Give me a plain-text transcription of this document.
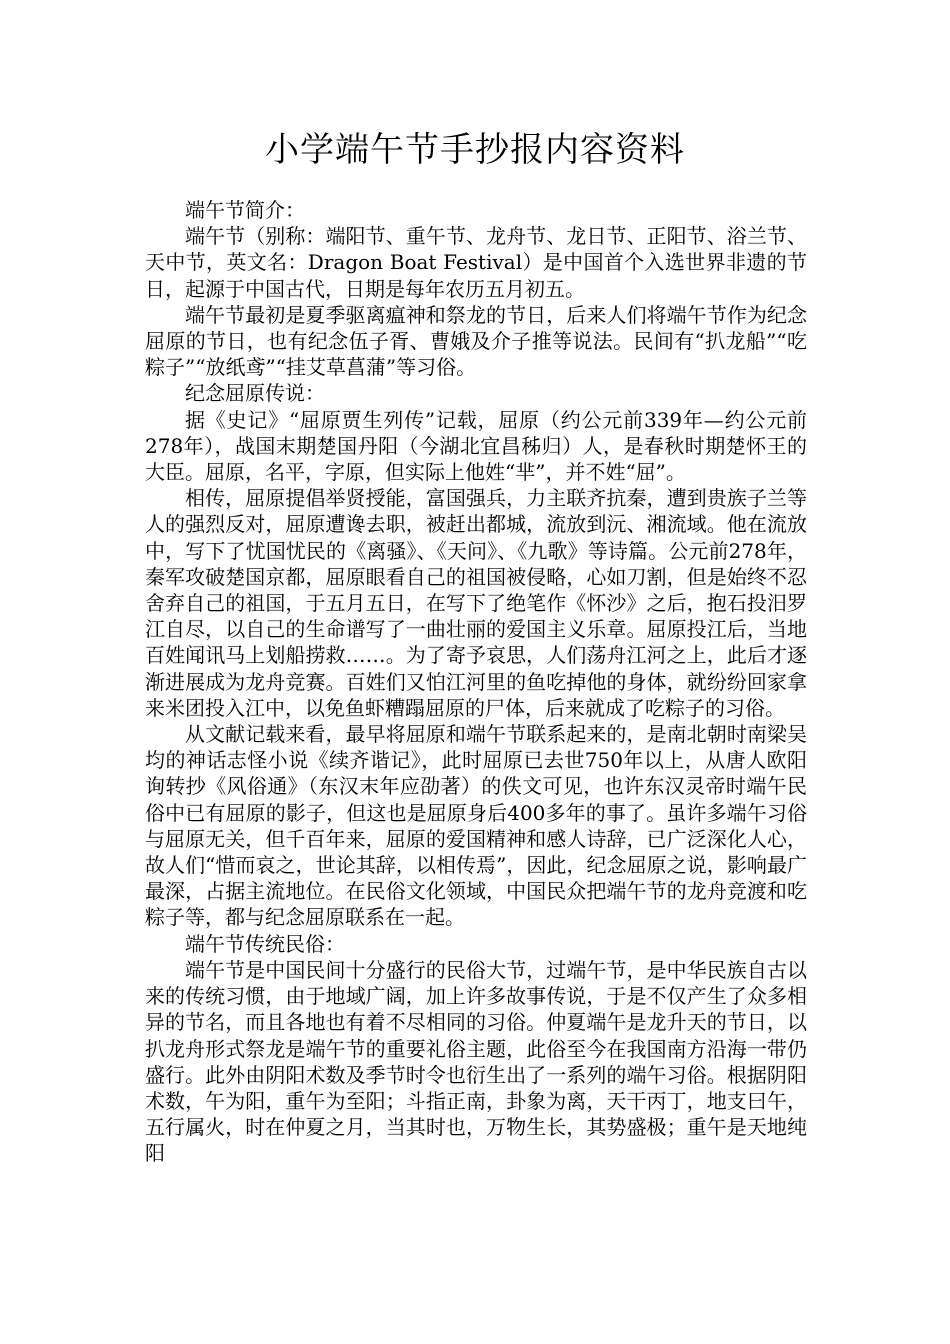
小学端午节手抄报内容资料

端午节简介：

端午节（别称：端阳节、重午节、龙舟节、龙日节、正阳节、浴兰节、天中节，英文名：Dragon Boat Festival）是中国首个入选世界非遗的节日，起源于中国古代，日期是每年农历五月初五。

端午节最初是夏季驱离瘟神和祭龙的节日，后来人们将端午节作为纪念屈原的节日，也有纪念伍子胥、曹娥及介子推等说法。民间有“扒龙船”“吃粽子”“放纸鸢”“挂艾草菖蒲”等习俗。

纪念屈原传说：

据《史记》“屈原贾生列传”记载，屈原（约公元前339年—约公元前278年），战国末期楚国丹阳（今湖北宜昌秭归）人，是春秋时期楚怀王的大臣。屈原，名平，字原，但实际上他姓“芈”，并不姓“屈”。

相传，屈原提倡举贤授能，富国强兵，力主联齐抗秦，遭到贵族子兰等人的强烈反对，屈原遭谗去职，被赶出都城，流放到沅、湘流域。他在流放中，写下了忧国忧民的《离骚》、《天问》、《九歌》等诗篇。公元前278年，秦军攻破楚国京都，屈原眼看自己的祖国被侵略，心如刀割，但是始终不忍舍弃自己的祖国，于五月五日，在写下了绝笔作《怀沙》之后，抱石投汨罗江自尽，以自己的生命谱写了一曲壮丽的爱国主义乐章。屈原投江后，当地百姓闻讯马上划船捞救……。为了寄予哀思，人们荡舟江河之上，此后才逐渐进展成为龙舟竞赛。百姓们又怕江河里的鱼吃掉他的身体，就纷纷回家拿来米团投入江中，以免鱼虾糟蹋屈原的尸体，后来就成了吃粽子的习俗。

从文献记载来看，最早将屈原和端午节联系起来的，是南北朝时南梁吴均的神话志怪小说《续齐谐记》，此时屈原已去世750年以上，从唐人欧阳询转抄《风俗通》（东汉末年应劭著）的佚文可见，也许东汉灵帝时端午民俗中已有屈原的影子，但这也是屈原身后400多年的事了。虽许多端午习俗与屈原无关，但千百年来，屈原的爱国精神和感人诗辞，已广泛深化人心，故人们“惜而哀之，世论其辞，以相传焉”，因此，纪念屈原之说，影响最广最深，占据主流地位。在民俗文化领域，中国民众把端午节的龙舟竞渡和吃粽子等，都与纪念屈原联系在一起。

端午节传统民俗：

端午节是中国民间十分盛行的民俗大节，过端午节，是中华民族自古以来的传统习惯，由于地域广阔，加上许多故事传说，于是不仅产生了众多相异的节名，而且各地也有着不尽相同的习俗。仲夏端午是龙升天的节日，以扒龙舟形式祭龙是端午节的重要礼俗主题，此俗至今在我国南方沿海一带仍盛行。此外由阴阳术数及季节时令也衍生出了一系列的端午习俗。根据阴阳术数，午为阳，重午为至阳；斗指正南，卦象为离，天干丙丁，地支曰午，五行属火，时在仲夏之月，当其时也，万物生长，其势盛极；重午是天地纯阳
